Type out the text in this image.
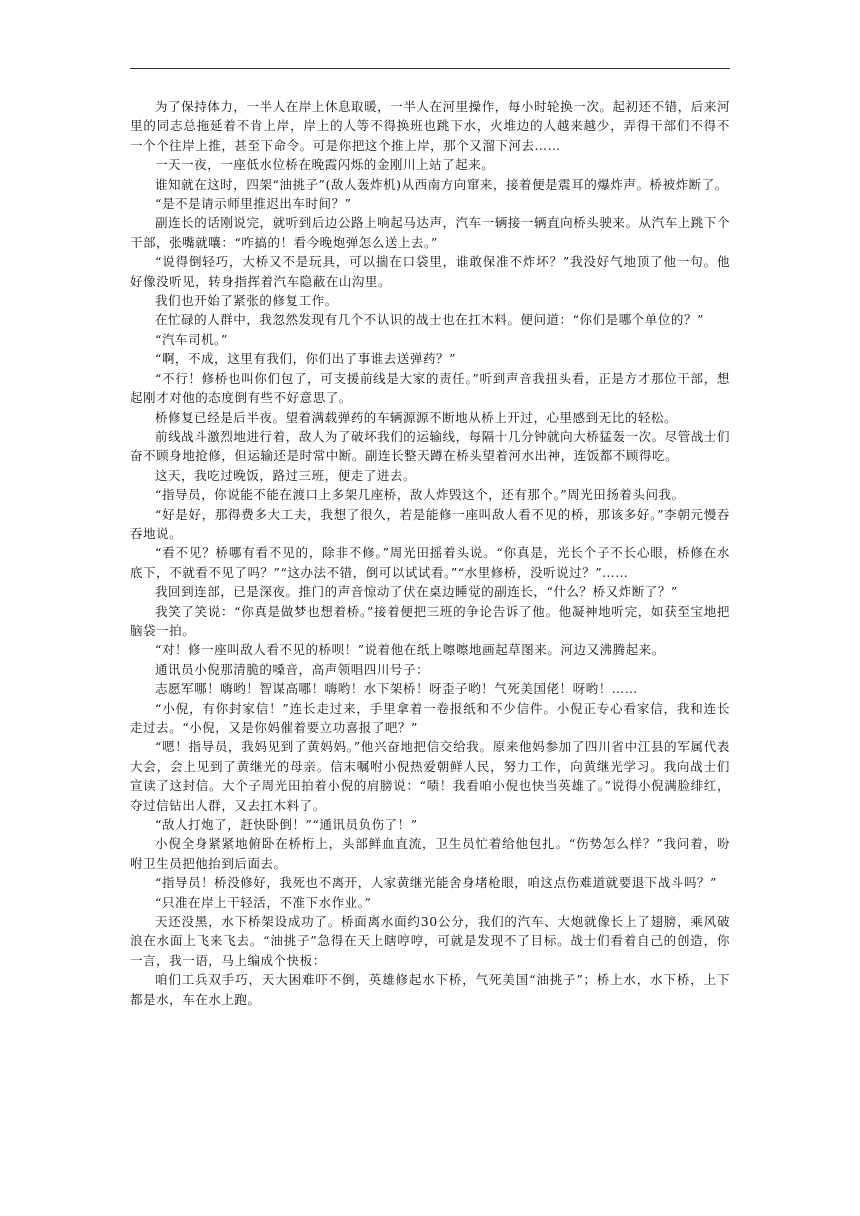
为了保持体力，一半人在岸上休息取暖，一半人在河里操作，每小时轮换一次。起初还不错，后来河里的同志总拖延着不肯上岸，岸上的人等不得换班也跳下水，火堆边的人越来越少，弄得干部们不得不一个个往岸上推，甚至下命令。可是你把这个推上岸，那个又溜下河去……

一天一夜，一座低水位桥在晚霞闪烁的金刚川上站了起来。

谁知就在这时，四架“油挑子”(敌人轰炸机)从西南方向窜来，接着便是震耳的爆炸声。桥被炸断了。

“是不是请示师里推迟出车时间？”

副连长的话刚说完，就听到后边公路上响起马达声，汽车一辆接一辆直向桥头驶来。从汽车上跳下个干部，张嘴就嚷：“咋搞的！看今晚炮弹怎么送上去。”

“说得倒轻巧，大桥又不是玩具，可以揣在口袋里，谁敢保准不炸坏？”我没好气地顶了他一句。他好像没听见，转身指挥着汽车隐蔽在山沟里。

我们也开始了紧张的修复工作。

在忙碌的人群中，我忽然发现有几个不认识的战士也在扛木料。便问道：“你们是哪个单位的？”

“汽车司机。”

“啊，不成，这里有我们，你们出了事谁去送弹药？”

“不行！修桥也叫你们包了，可支援前线是大家的责任。”听到声音我扭头看，正是方才那位干部，想起刚才对他的态度倒有些不好意思了。

桥修复已经是后半夜。望着满载弹药的车辆源源不断地从桥上开过，心里感到无比的轻松。

前线战斗激烈地进行着，敌人为了破坏我们的运输线，每隔十几分钟就向大桥猛轰一次。尽管战士们奋不顾身地抢修，但运输还是时常中断。副连长整天蹲在桥头望着河水出神，连饭都不顾得吃。

这天，我吃过晚饭，路过三班，便走了进去。

“指导员，你说能不能在渡口上多架几座桥，敌人炸毁这个，还有那个。”周光田扬着头问我。

“好是好，那得费多大工夫，我想了很久，若是能修一座叫敌人看不见的桥，那该多好。”李朝元慢吞吞地说。

“看不见？桥哪有看不见的，除非不修。”周光田摇着头说。“你真是，光长个子不长心眼，桥修在水底下，不就看不见了吗？”“这办法不错，倒可以试试看。”“水里修桥，没听说过？”……

我回到连部，已是深夜。推门的声音惊动了伏在桌边睡觉的副连长，“什么？桥又炸断了？”

我笑了笑说：“你真是做梦也想着桥。”接着便把三班的争论告诉了他。他凝神地听完，如获至宝地把脑袋一拍。

“对！修一座叫敌人看不见的桥呗！”说着他在纸上嚓嚓地画起草图来。河边又沸腾起来。

通讯员小倪那清脆的嗓音，高声领唱四川号子：

志愿军哪！嗨哟！智谋高哪！嗨哟！水下架桥！呀歪子哟！气死美国佬！呀哟！……

“小倪，有你封家信！”连长走过来，手里拿着一卷报纸和不少信件。小倪正专心看家信，我和连长走过去。“小倪，又是你妈催着要立功喜报了吧？”

“嗯！指导员，我妈见到了黄妈妈。”他兴奋地把信交给我。原来他妈参加了四川省中江县的军属代表大会，会上见到了黄继光的母亲。信末嘱咐小倪热爱朝鲜人民，努力工作，向黄继光学习。我向战士们宣读了这封信。大个子周光田拍着小倪的肩膀说：“啧！我看咱小倪也快当英雄了。”说得小倪满脸绯红，夺过信钻出人群，又去扛木料了。

“敌人打炮了，赶快卧倒！”“通讯员负伤了！”

小倪全身紧紧地俯卧在桥桁上，头部鲜血直流，卫生员忙着给他包扎。“伤势怎么样？”我问着，吩咐卫生员把他抬到后面去。

“指导员！桥没修好，我死也不离开，人家黄继光能舍身堵枪眼，咱这点伤难道就要退下战斗吗？”

“只准在岸上干轻活，不准下水作业。”

天还没黑，水下桥架设成功了。桥面离水面约30公分，我们的汽车、大炮就像长上了翅膀，乘风破浪在水面上飞来飞去。“油挑子”急得在天上瞎哼哼，可就是发现不了目标。战士们看着自己的创造，你一言，我一语，马上编成个快板：

咱们工兵双手巧，天大困难吓不倒，英雄修起水下桥，气死美国“油挑子”；桥上水，水下桥，上下都是水，车在水上跑。
